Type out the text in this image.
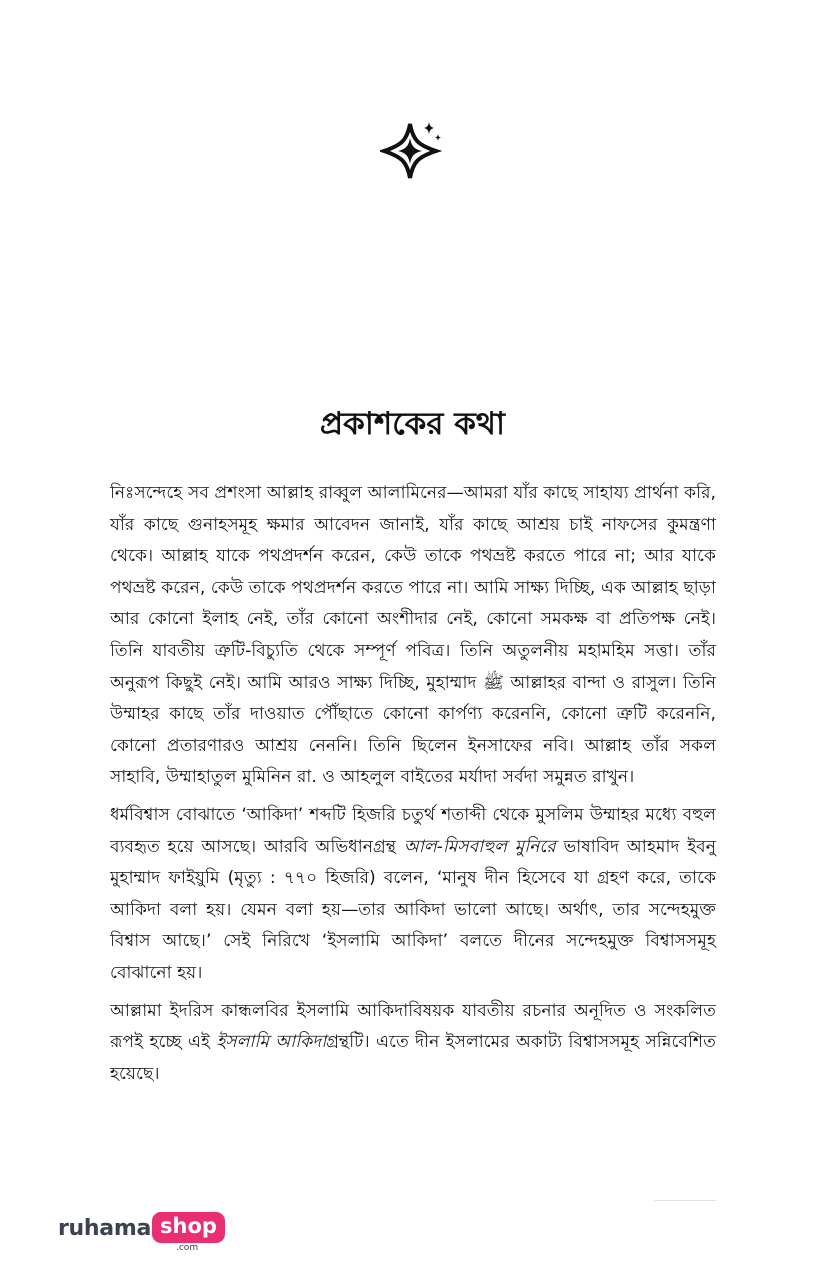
প্রকাশকের কথা

নিঃসন্দেহে সব প্রশংসা আল্লাহ রাব্বুল আলামিনের—আমরা যাঁর কাছে সাহায্য প্রার্থনা করি, যাঁর কাছে গুনাহসমূহ ক্ষমার আবেদন জানাই, যাঁর কাছে আশ্রয় চাই নাফসের কুমন্ত্রণা থেকে। আল্লাহ যাকে পথপ্রদর্শন করেন, কেউ তাকে পথভ্রষ্ট করতে পারে না; আর যাকে পথভ্রষ্ট করেন, কেউ তাকে পথপ্রদর্শন করতে পারে না। আমি সাক্ষ্য দিচ্ছি, এক আল্লাহ ছাড়া আর কোনো ইলাহ নেই, তাঁর কোনো অংশীদার নেই, কোনো সমকক্ষ বা প্রতিপক্ষ নেই। তিনি যাবতীয় ত্রুটি-বিচ্যুতি থেকে সম্পূর্ণ পবিত্র। তিনি অতুলনীয় মহামহিম সত্তা। তাঁর অনুরূপ কিছুই নেই। আমি আরও সাক্ষ্য দিচ্ছি, মুহাম্মাদ ﷺ আল্লাহর বান্দা ও রাসুল। তিনি উম্মাহর কাছে তাঁর দাওয়াত পৌঁছাতে কোনো কার্পণ্য করেননি, কোনো ত্রুটি করেননি, কোনো প্রতারণারও আশ্রয় নেননি। তিনি ছিলেন ইনসাফের নবি। আল্লাহ তাঁর সকল সাহাবি, উম্মাহাতুল মুমিনিন রা. ও আহলুল বাইতের মর্যাদা সর্বদা সমুন্নত রাখুন।

ধর্মবিশ্বাস বোঝাতে ‘আকিদা’ শব্দটি হিজরি চতুর্থ শতাব্দী থেকে মুসলিম উম্মাহর মধ্যে বহুল ব্যবহৃত হয়ে আসছে। আরবি অভিধানগ্রন্থ আল-মিসবাহুল মুনিরে ভাষাবিদ আহমাদ ইবনু মুহাম্মাদ ফাইয়ুমি (মৃত্যু : ৭৭০ হিজরি) বলেন, ‘মানুষ দীন হিসেবে যা গ্রহণ করে, তাকে আকিদা বলা হয়। যেমন বলা হয়—তার আকিদা ভালো আছে। অর্থাৎ, তার সন্দেহমুক্ত বিশ্বাস আছে।’ সেই নিরিখে ‘ইসলামি আকিদা’ বলতে দীনের সন্দেহমুক্ত বিশ্বাসসমূহ বোঝানো হয়।

আল্লামা ইদরিস কান্ধলবির ইসলামি আকিদাবিষয়ক যাবতীয় রচনার অনূদিত ও সংকলিত রূপই হচ্ছে এই ইসলামি আকিদাগ্রন্থটি। এতে দীন ইসলামের অকাট্য বিশ্বাসসমূহ সন্নিবেশিত হয়েছে।

ruhama shop
.com
